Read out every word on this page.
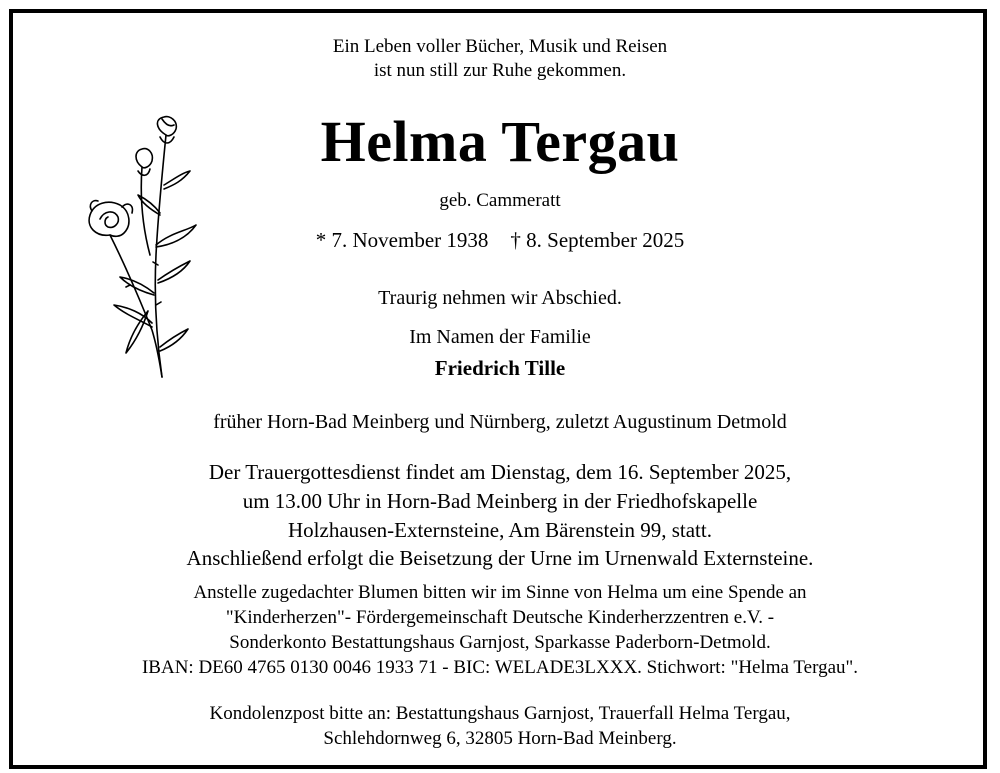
Ein Leben voller Bücher, Musik und Reisen
ist nun still zur Ruhe gekommen.
Helma Tergau
geb. Cammeratt
* 7. November 1938 † 8. September 2025
Traurig nehmen wir Abschied.
Im Namen der Familie
Friedrich Tille
früher Horn-Bad Meinberg und Nürnberg, zuletzt Augustinum Detmold
Der Trauergottesdienst findet am Dienstag, dem 16. September 2025,
um 13.00 Uhr in Horn-Bad Meinberg in der Friedhofskapelle
Holzhausen-Externsteine, Am Bärenstein 99, statt.
Anschließend erfolgt die Beisetzung der Urne im Urnenwald Externsteine.
Anstelle zugedachter Blumen bitten wir im Sinne von Helma um eine Spende an
"Kinderherzen"- Fördergemeinschaft Deutsche Kinderherzzentren e.V. -
Sonderkonto Bestattungshaus Garnjost, Sparkasse Paderborn-Detmold.
IBAN: DE60 4765 0130 0046 1933 71 - BIC: WELADE3LXXX. Stichwort: "Helma Tergau".
Kondolenzpost bitte an: Bestattungshaus Garnjost, Trauerfall Helma Tergau,
Schlehdornweg 6, 32805 Horn-Bad Meinberg.
